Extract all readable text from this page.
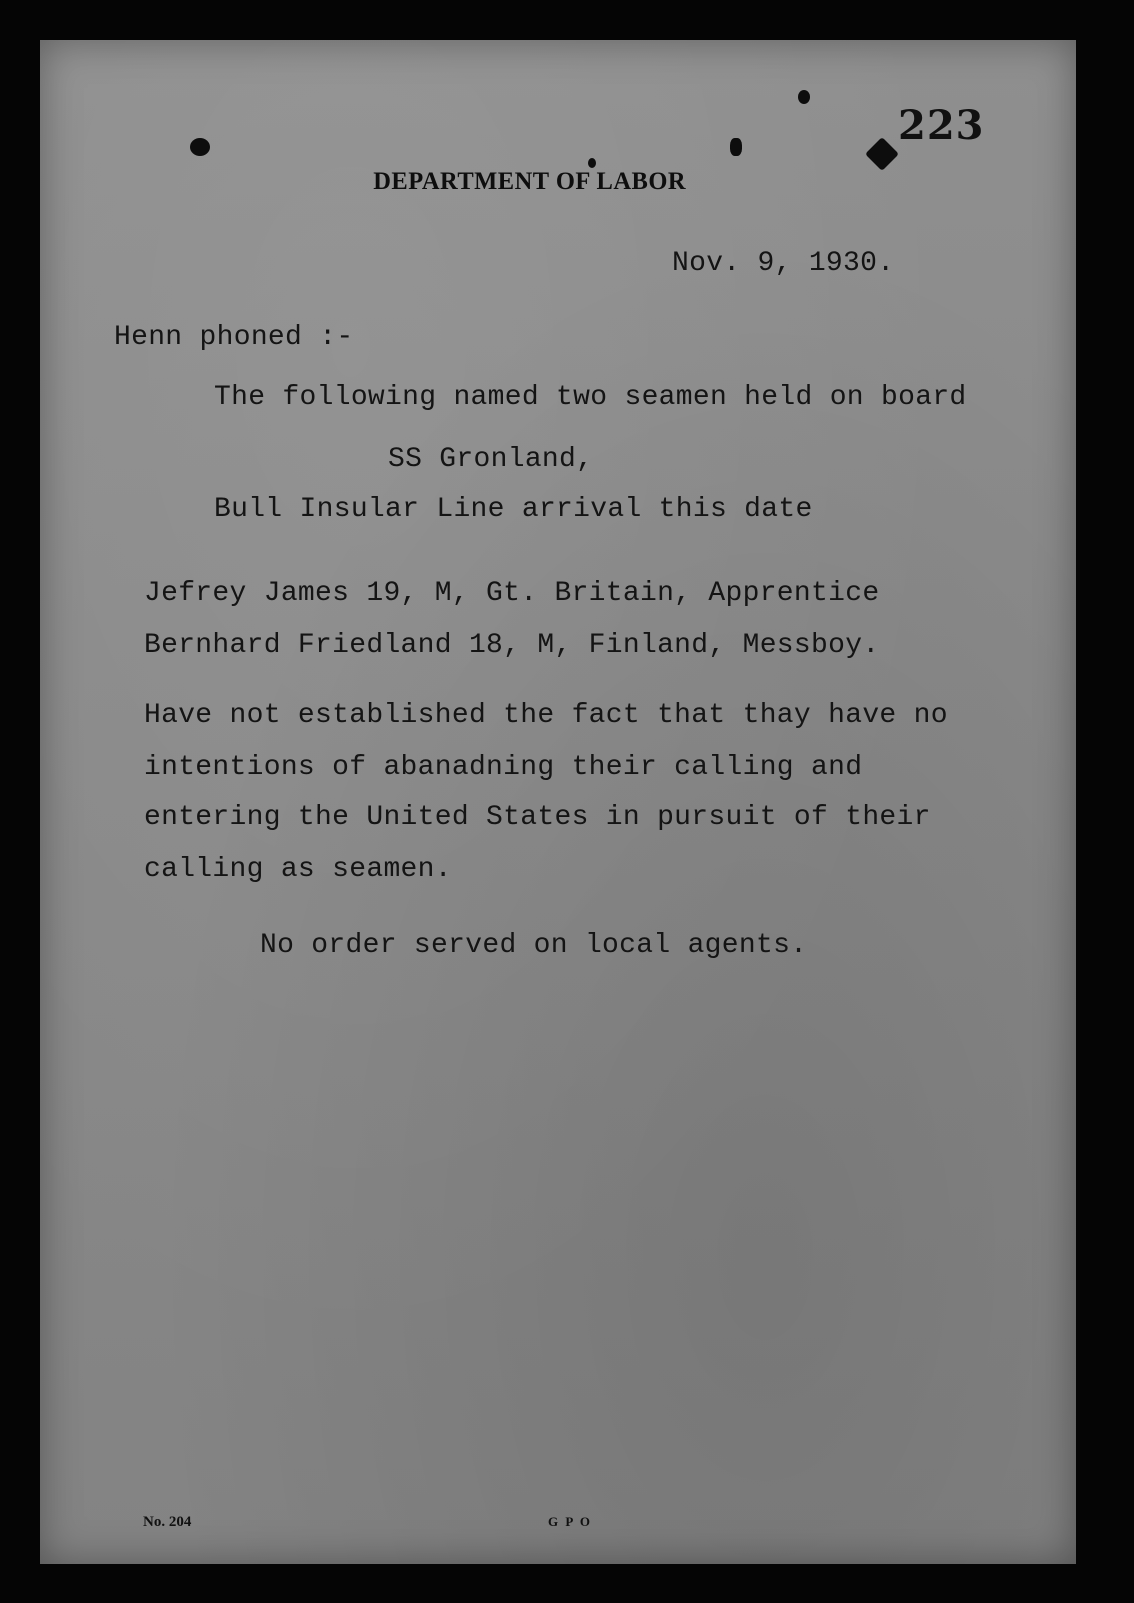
223
DEPARTMENT OF LABOR
Nov. 9, 1930.
Henn phoned :-
The following named two seamen held on board
SS Gronland,
Bull Insular Line arrival this date
Jefrey James 19, M, Gt. Britain, Apprentice
Bernhard Friedland 18, M, Finland, Messboy.
Have not established the fact that thay have no
intentions of abanadning their calling and
entering the United States in pursuit of their
calling as seamen.
No order served on local agents.
No. 204	G P O
